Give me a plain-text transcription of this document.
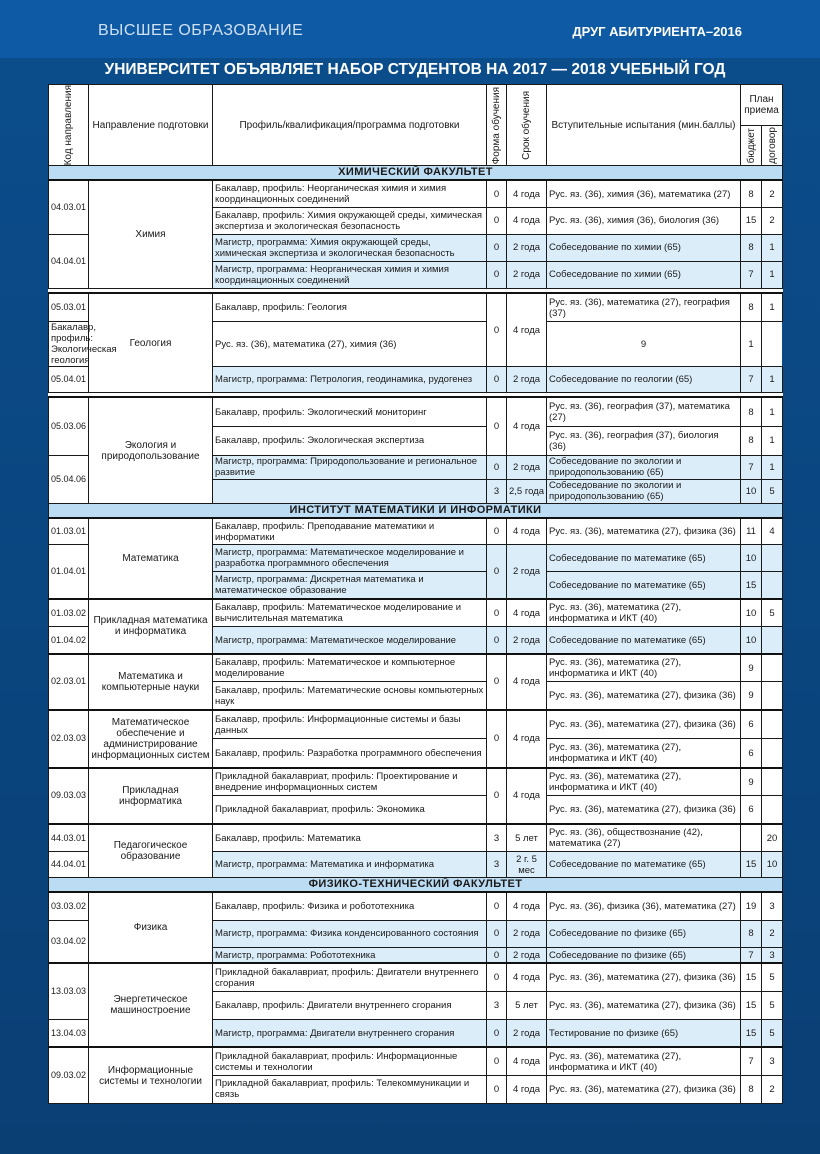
ВЫСШЕЕ ОБРАЗОВАНИЕ	ДРУГ АБИТУРИЕНТА–2016
УНИВЕРСИТЕТ ОБЪЯВЛЯЕТ НАБОР СТУДЕНТОВ НА 2017 — 2018 УЧЕБНЫЙ ГОД
Код направления	Направление подготовки	Профиль/квалификация/программа подготовки	Форма обучения	Срок обучения	Вступительные испытания (мин.баллы)	План приема	

						бюджет	договор

ХИМИЧЕСКИЙ ФАКУЛЬТЕТ							
04.03.01	Химия	Бакалавр, профиль: Неорганическая химия и химия координационных соединений	0	4 года	Рус. яз. (36), химия (36), математика (27)	8	2
		Бакалавр, профиль: Химия окружающей среды, химическая экспертиза и экологическая безопасность	0	4 года	Рус. яз. (36), химия (36), биология (36)	15	2
04.04.01		Магистр, программа: Химия окружающей среды, химическая экспертиза и экологическая безопасность	0	2 года	Собеседование по химии (65)	8	1
		Магистр, программа: Неорганическая химия и химия координационных соединений	0	2 года	Собеседование по химии (65)	7	1

05.03.01	Геология	Бакалавр, профиль: Геология	0	4 года	Рус. яз. (36), математика (27), география (37)	8	1
Бакалавр, профиль: Экологическая геология		Рус. яз. (36), математика (27), химия (36)			9	1	
05.04.01		Магистр, программа: Петрология, геодинамика, рудогенез	0	2 года	Собеседование по геологии (65)	7	1

05.03.06	Экология и природопользование	Бакалавр, профиль: Экологический мониторинг	0	4 года	Рус. яз. (36), география (37), математика (27)	8	1
		Бакалавр, профиль: Экологическая экспертиза			Рус. яз. (36), география (37), биология (36)	8	1
05.04.06		Магистр, программа: Природопользование и региональное развитие	0	2 года	Собеседование по экологии и природопользованию (65)	7	1
			3	2,5 года	Собеседование по экологии и природопользованию (65)	10	5
ИНСТИТУТ МАТЕМАТИКИ И ИНФОРМАТИКИ							
01.03.01	Математика	Бакалавр, профиль: Преподавание математики и информатики	0	4 года	Рус. яз. (36), математика (27), физика (36)	11	4
01.04.01		Магистр, программа: Математическое моделирование и разработка программного обеспечения	0	2 года	Собеседование по математике (65)	10	
		Магистр, программа: Дискретная математика и математическое образование			Собеседование по математике (65)	15	
01.03.02	Прикладная математика и информатика	Бакалавр, профиль: Математическое моделирование и вычислительная математика	0	4 года	Рус. яз. (36), математика (27), информатика и ИКТ (40)	10	5
01.04.02		Магистр, программа: Математическое моделирование	0	2 года	Собеседование по математике (65)	10	
02.03.01	Математика и компьютерные науки	Бакалавр, профиль: Математическое и компьютерное моделирование	0	4 года	Рус. яз. (36), математика (27), информатика и ИКТ (40)	9	
		Бакалавр, профиль: Математические основы компьютерных наук			Рус. яз. (36), математика (27), физика (36)	9	
02.03.03	Математическое обеспечение и администрирование информационных систем	Бакалавр, профиль: Информационные системы и базы данных	0	4 года	Рус. яз. (36), математика (27), физика (36)	6	
		Бакалавр, профиль: Разработка программного обеспечения			Рус. яз. (36), математика (27), информатика и ИКТ (40)	6	
09.03.03	Прикладная информатика	Прикладной бакалавриат, профиль: Проектирование и внедрение информационных систем	0	4 года	Рус. яз. (36), математика (27), информатика и ИКТ (40)	9	
		Прикладной бакалавриат, профиль: Экономика			Рус. яз. (36), математика (27), физика (36)	6	
44.03.01	Педагогическое образование	Бакалавр, профиль: Математика	3	5 лет	Рус. яз. (36), обществознание (42), математика (27)		20
44.04.01		Магистр, программа: Математика и информатика	3	2 г. 5 мес	Собеседование по математике (65)	15	10
ФИЗИКО-ТЕХНИЧЕСКИЙ ФАКУЛЬТЕТ							
03.03.02	Физика	Бакалавр, профиль: Физика и робототехника	0	4 года	Рус. яз. (36), физика (36), математика (27)	19	3
03.04.02		Магистр, программа: Физика конденсированного состояния	0	2 года	Собеседование по физике (65)	8	2
		Магистр, программа: Робототехника	0	2 года	Собеседование по физике (65)	7	3
13.03.03	Энергетическое машиностроение	Прикладной бакалавриат, профиль: Двигатели внутреннего сгорания	0	4 года	Рус. яз. (36), математика (27), физика (36)	15	5
		Бакалавр, профиль: Двигатели внутреннего сгорания	3	5 лет	Рус. яз. (36), математика (27), физика (36)	15	5
13.04.03		Магистр, программа: Двигатели внутреннего сгорания	0	2 года	Тестирование по физике (65)	15	5
09.03.02	Информационные системы и технологии	Прикладной бакалавриат, профиль: Информационные системы и технологии	0	4 года	Рус. яз. (36), математика (27), информатика и ИКТ (40)	7	3
		Прикладной бакалавриат, профиль: Телекоммуникации и связь	0	4 года	Рус. яз. (36), математика (27), физика (36)	8	2
